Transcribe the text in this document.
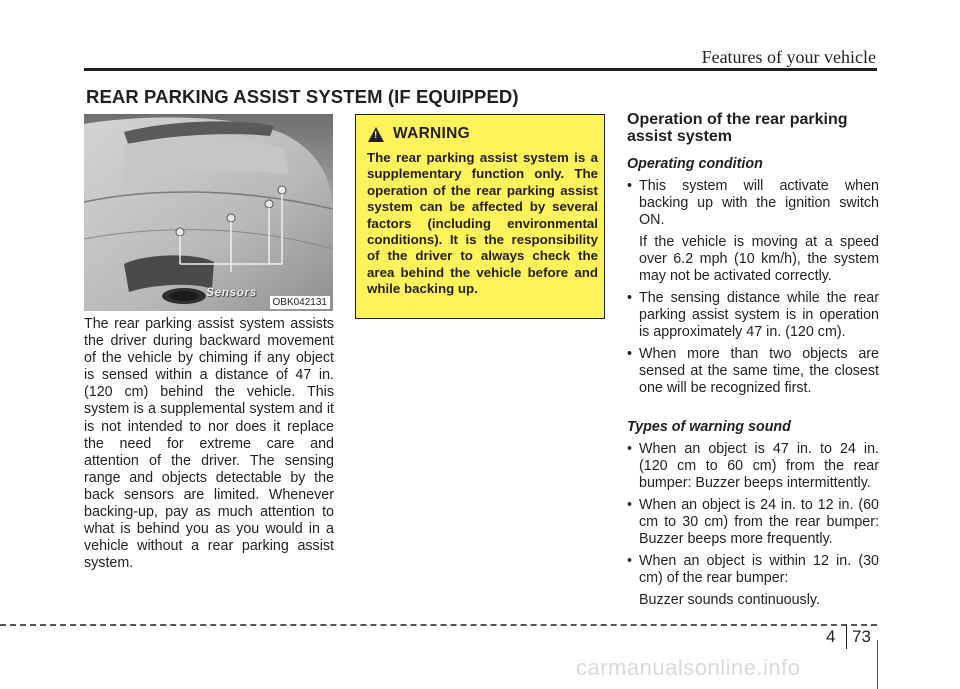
Features of your vehicle
REAR PARKING ASSIST SYSTEM (IF EQUIPPED)
Sensors
OBK042131
The rear parking assist system assists the driver during backward movement of the vehicle by chiming if any object is sensed within a distance of 47 in. (120 cm) behind the vehicle. This system is a supplemental system and it is not intended to nor does it replace the need for extreme care and attention of the driver. The sensing range and objects detectable by the back sensors are limited. Whenever backing-up, pay as much attention to what is behind you as you would in a vehicle without a rear parking assist system.
!
WARNING
The rear parking assist system is a supplementary function only. The operation of the rear parking assist system can be affected by several factors (including environmental conditions). It is the responsibility of the driver to always check the area behind the vehicle before and while backing up.
Operation of the rear parking assist system
Operating condition
• This system will activate when backing up with the ignition switch ON.

If the vehicle is moving at a speed over 6.2 mph (10 km/h), the system may not be activated correctly.

• The sensing distance while the rear parking assist system is in operation is approximately 47 in. (120 cm).

• When more than two objects are sensed at the same time, the closest one will be recognized first.

Types of warning sound
• When an object is 47 in. to 24 in. (120 cm to 60 cm) from the rear bumper: Buzzer beeps intermittently.

• When an object is 24 in. to 12 in. (60 cm to 30 cm) from the rear bumper: Buzzer beeps more frequently.

• When an object is within 12 in. (30 cm) of the rear bumper:

Buzzer sounds continuously.

4 73
carmanualsonline.info
